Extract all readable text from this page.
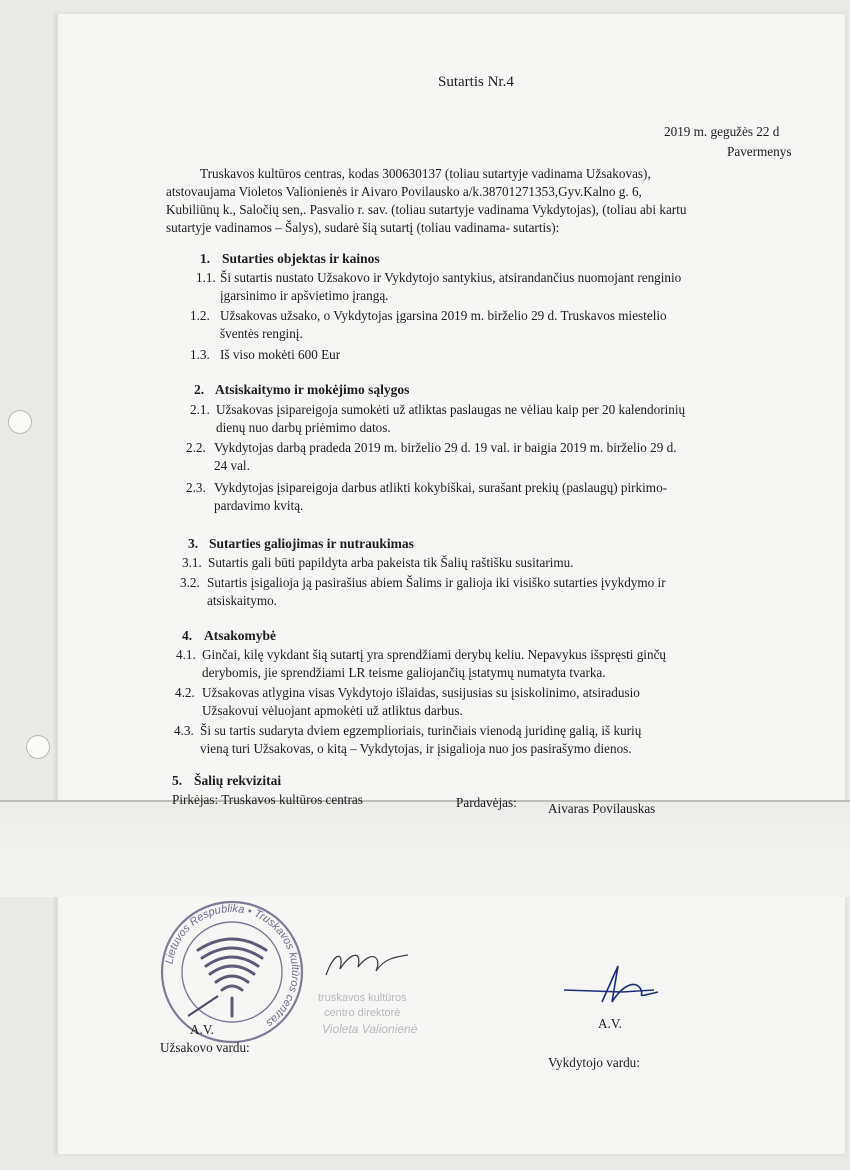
Sutartis Nr.4
2019 m. gegužės 22 d
Pavermenys
Truskavos kultūros centras, kodas 300630137 (toliau sutartyje vadinama Užsakovas),
atstovaujama Violetos Valionienės ir Aivaro Povilausko a/k.38701271353,Gyv.Kalno g. 6,
Kubiliūnų k., Saločių sen,. Pasvalio r. sav. (toliau sutartyje vadinama Vykdytojas), (toliau abi kartu
sutartyje vadinamos – Šalys), sudarė šią sutartį (toliau vadinama- sutartis):
1. Sutarties objektas ir kainos
1.1. Ši sutartis nustato Užsakovo ir Vykdytojo santykius, atsirandančius nuomojant renginio
įgarsinimo ir apšvietimo įrangą.
1.2. Užsakovas užsako, o Vykdytojas įgarsina 2019 m. birželio 29 d. Truskavos miestelio
šventės renginį.
1.3. Iš viso mokėti 600 Eur
2. Atsiskaitymo ir mokėjimo sąlygos
2.1. Užsakovas įsipareigoja sumokėti už atliktas paslaugas ne vėliau kaip per 20 kalendorinių
dienų nuo darbų priėmimo datos.
2.2. Vykdytojas darbą pradeda 2019 m. birželio 29 d. 19 val. ir baigia 2019 m. birželio 29 d.
24 val.
2.3. Vykdytojas įsipareigoja darbus atlikti kokybiškai, surašant prekių (paslaugų) pirkimo-
pardavimo kvitą.
3. Sutarties galiojimas ir nutraukimas
3.1. Sutartis gali būti papildyta arba pakeista tik Šalių raštišku susitarimu.
3.2. Sutartis įsigalioja ją pasirašius abiem Šalims ir galioja iki visiško sutarties įvykdymo ir
atsiskaitymo.
4. Atsakomybė
4.1. Ginčai, kilę vykdant šią sutartį yra sprendžiami derybų keliu. Nepavykus išspręsti ginčų
derybomis, jie sprendžiami LR teisme galiojančių įstatymų numatyta tvarka.
4.2. Užsakovas atlygina visas Vykdytojo išlaidas, susijusias su įsiskolinimo, atsiradusio
Užsakovui vėluojant apmokėti už atliktus darbus.
4.3. Ši su tartis sudaryta dviem egzemplioriais, turinčiais vienodą juridinę galią, iš kurių
vieną turi Užsakovas, o kitą – Vykdytojas, ir įsigalioja nuo jos pasirašymo dienos.
5. Šalių rekvizitai
Pirkėjas: Truskavos kultūros centras	Pardavėjas: Aivaras Povilauskas
Lietuvos Respublika • Truskavos kultūros centras
A.V.
truskavos kultūros
centro direktorė
Violeta Valionienė	A.V.
Užsakovo vardu:
Vykdytojo vardu:
